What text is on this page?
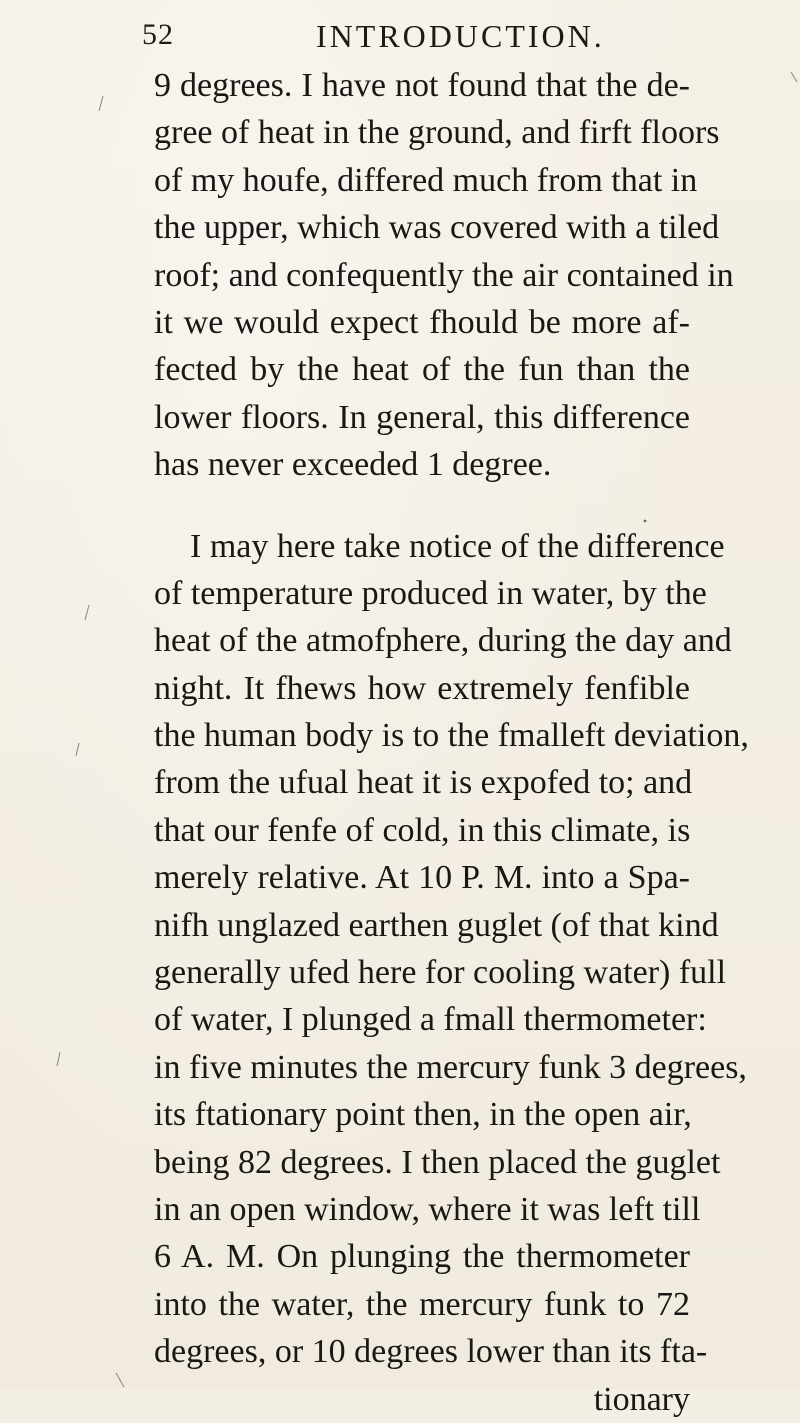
52	INTRODUCTION.
9 degrees. I have not found that the de-
gree of heat in the ground, and firft floors
of my houfe, differed much from that in
the upper, which was covered with a tiled
roof; and confequently the air contained in
it we would expect fhould be more af-
fected by the heat of the fun than the
lower floors. In general, this difference
has never exceeded 1 degree.
I may here take notice of the difference
of temperature produced in water, by the
heat of the atmofphere, during the day and
night. It fhews how extremely fenfible
the human body is to the fmalleft deviation,
from the ufual heat it is expofed to; and
that our fenfe of cold, in this climate, is
merely relative. At 10 P. M. into a Spa-
nifh unglazed earthen guglet (of that kind
generally ufed here for cooling water) full
of water, I plunged a fmall thermometer:
in five minutes the mercury funk 3 degrees,
its ftationary point then, in the open air,
being 82 degrees. I then placed the guglet
in an open window, where it was left till
6 A. M. On plunging the thermometer
into the water, the mercury funk to 72
degrees, or 10 degrees lower than its fta-
tionary
